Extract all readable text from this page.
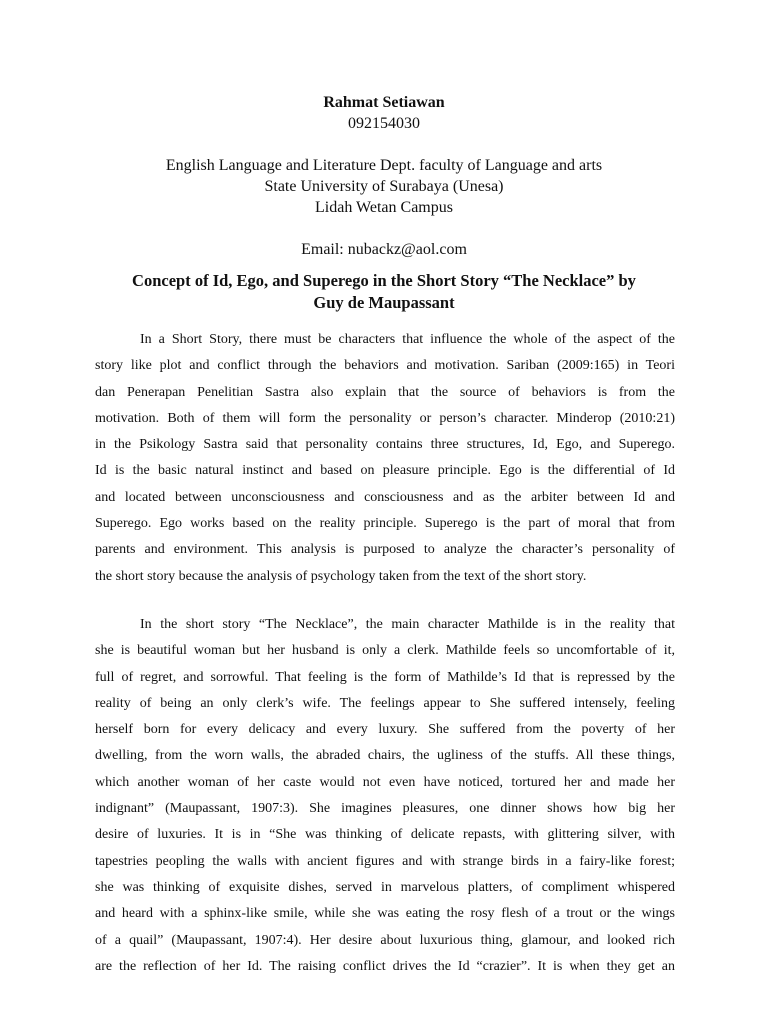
Rahmat Setiawan
092154030
English Language and Literature Dept. faculty of Language and arts
State University of Surabaya (Unesa)
Lidah Wetan Campus
Email: nubackz@aol.com
Concept of Id, Ego, and Superego in the Short Story “The Necklace” by
Guy de Maupassant
In a Short Story, there must be characters that influence the whole of the aspect of the
story like plot and conflict through the behaviors and motivation. Sariban (2009:165) in Teori
dan Penerapan Penelitian Sastra also explain that the source of behaviors is from the
motivation. Both of them will form the personality or person’s character. Minderop (2010:21)
in the Psikology Sastra said that personality contains three structures, Id, Ego, and Superego.
Id is the basic natural instinct and based on pleasure principle. Ego is the differential of Id
and located between unconsciousness and consciousness and as the arbiter between Id and
Superego. Ego works based on the reality principle. Superego is the part of moral that from
parents and environment. This analysis is purposed to analyze the character’s personality of
the short story because the analysis of psychology taken from the text of the short story.
In the short story “The Necklace”, the main character Mathilde is in the reality that
she is beautiful woman but her husband is only a clerk. Mathilde feels so uncomfortable of it,
full of regret, and sorrowful. That feeling is the form of Mathilde’s Id that is repressed by the
reality of being an only clerk’s wife. The feelings appear to She suffered intensely, feeling
herself born for every delicacy and every luxury. She suffered from the poverty of her
dwelling, from the worn walls, the abraded chairs, the ugliness of the stuffs. All these things,
which another woman of her caste would not even have noticed, tortured her and made her
indignant” (Maupassant, 1907:3). She imagines pleasures, one dinner shows how big her
desire of luxuries. It is in “She was thinking of delicate repasts, with glittering silver, with
tapestries peopling the walls with ancient figures and with strange birds in a fairy-like forest;
she was thinking of exquisite dishes, served in marvelous platters, of compliment whispered
and heard with a sphinx-like smile, while she was eating the rosy flesh of a trout or the wings
of a quail” (Maupassant, 1907:4). Her desire about luxurious thing, glamour, and looked rich
are the reflection of her Id. The raising conflict drives the Id “crazier”. It is when they get an
